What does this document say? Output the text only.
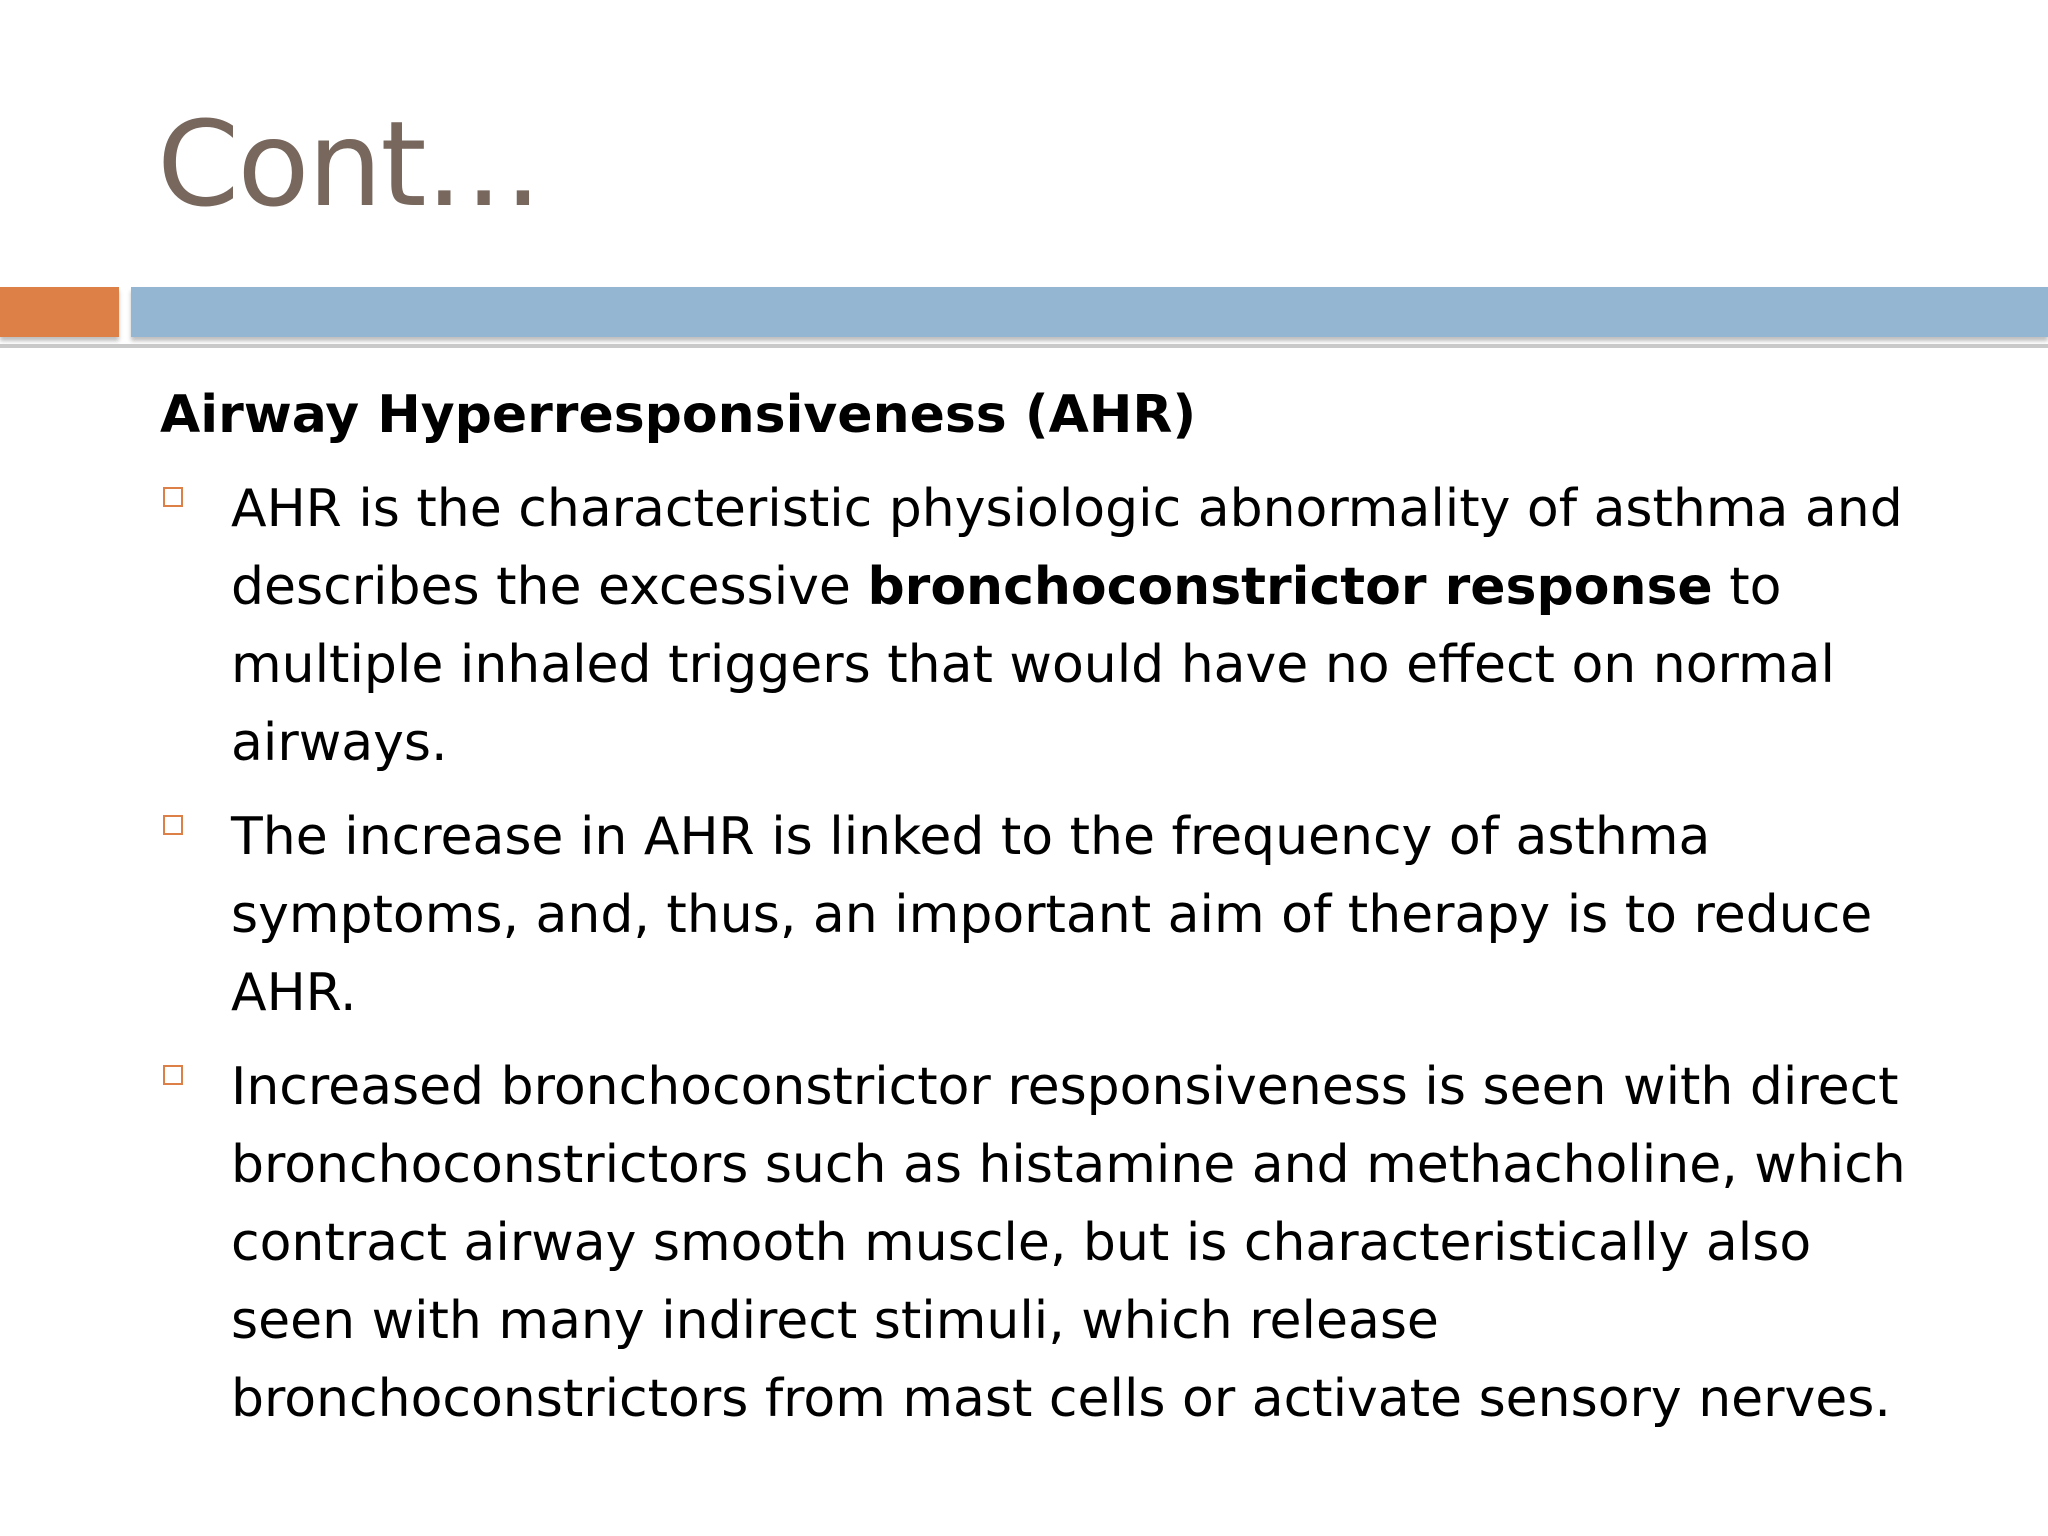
Cont…
Airway Hyperresponsiveness (AHR)
AHR is the characteristic physiologic abnormality of asthma and describes the excessive bronchoconstrictor response to multiple inhaled triggers that would have no effect on normal airways.
The increase in AHR is linked to the frequency of asthma symptoms, and, thus, an important aim of therapy is to reduce AHR.
Increased bronchoconstrictor responsiveness is seen with direct bronchoconstrictors such as histamine and methacholine, which contract airway smooth muscle, but is characteristically also seen with many indirect stimuli, which release bronchoconstrictors from mast cells or activate sensory nerves.
